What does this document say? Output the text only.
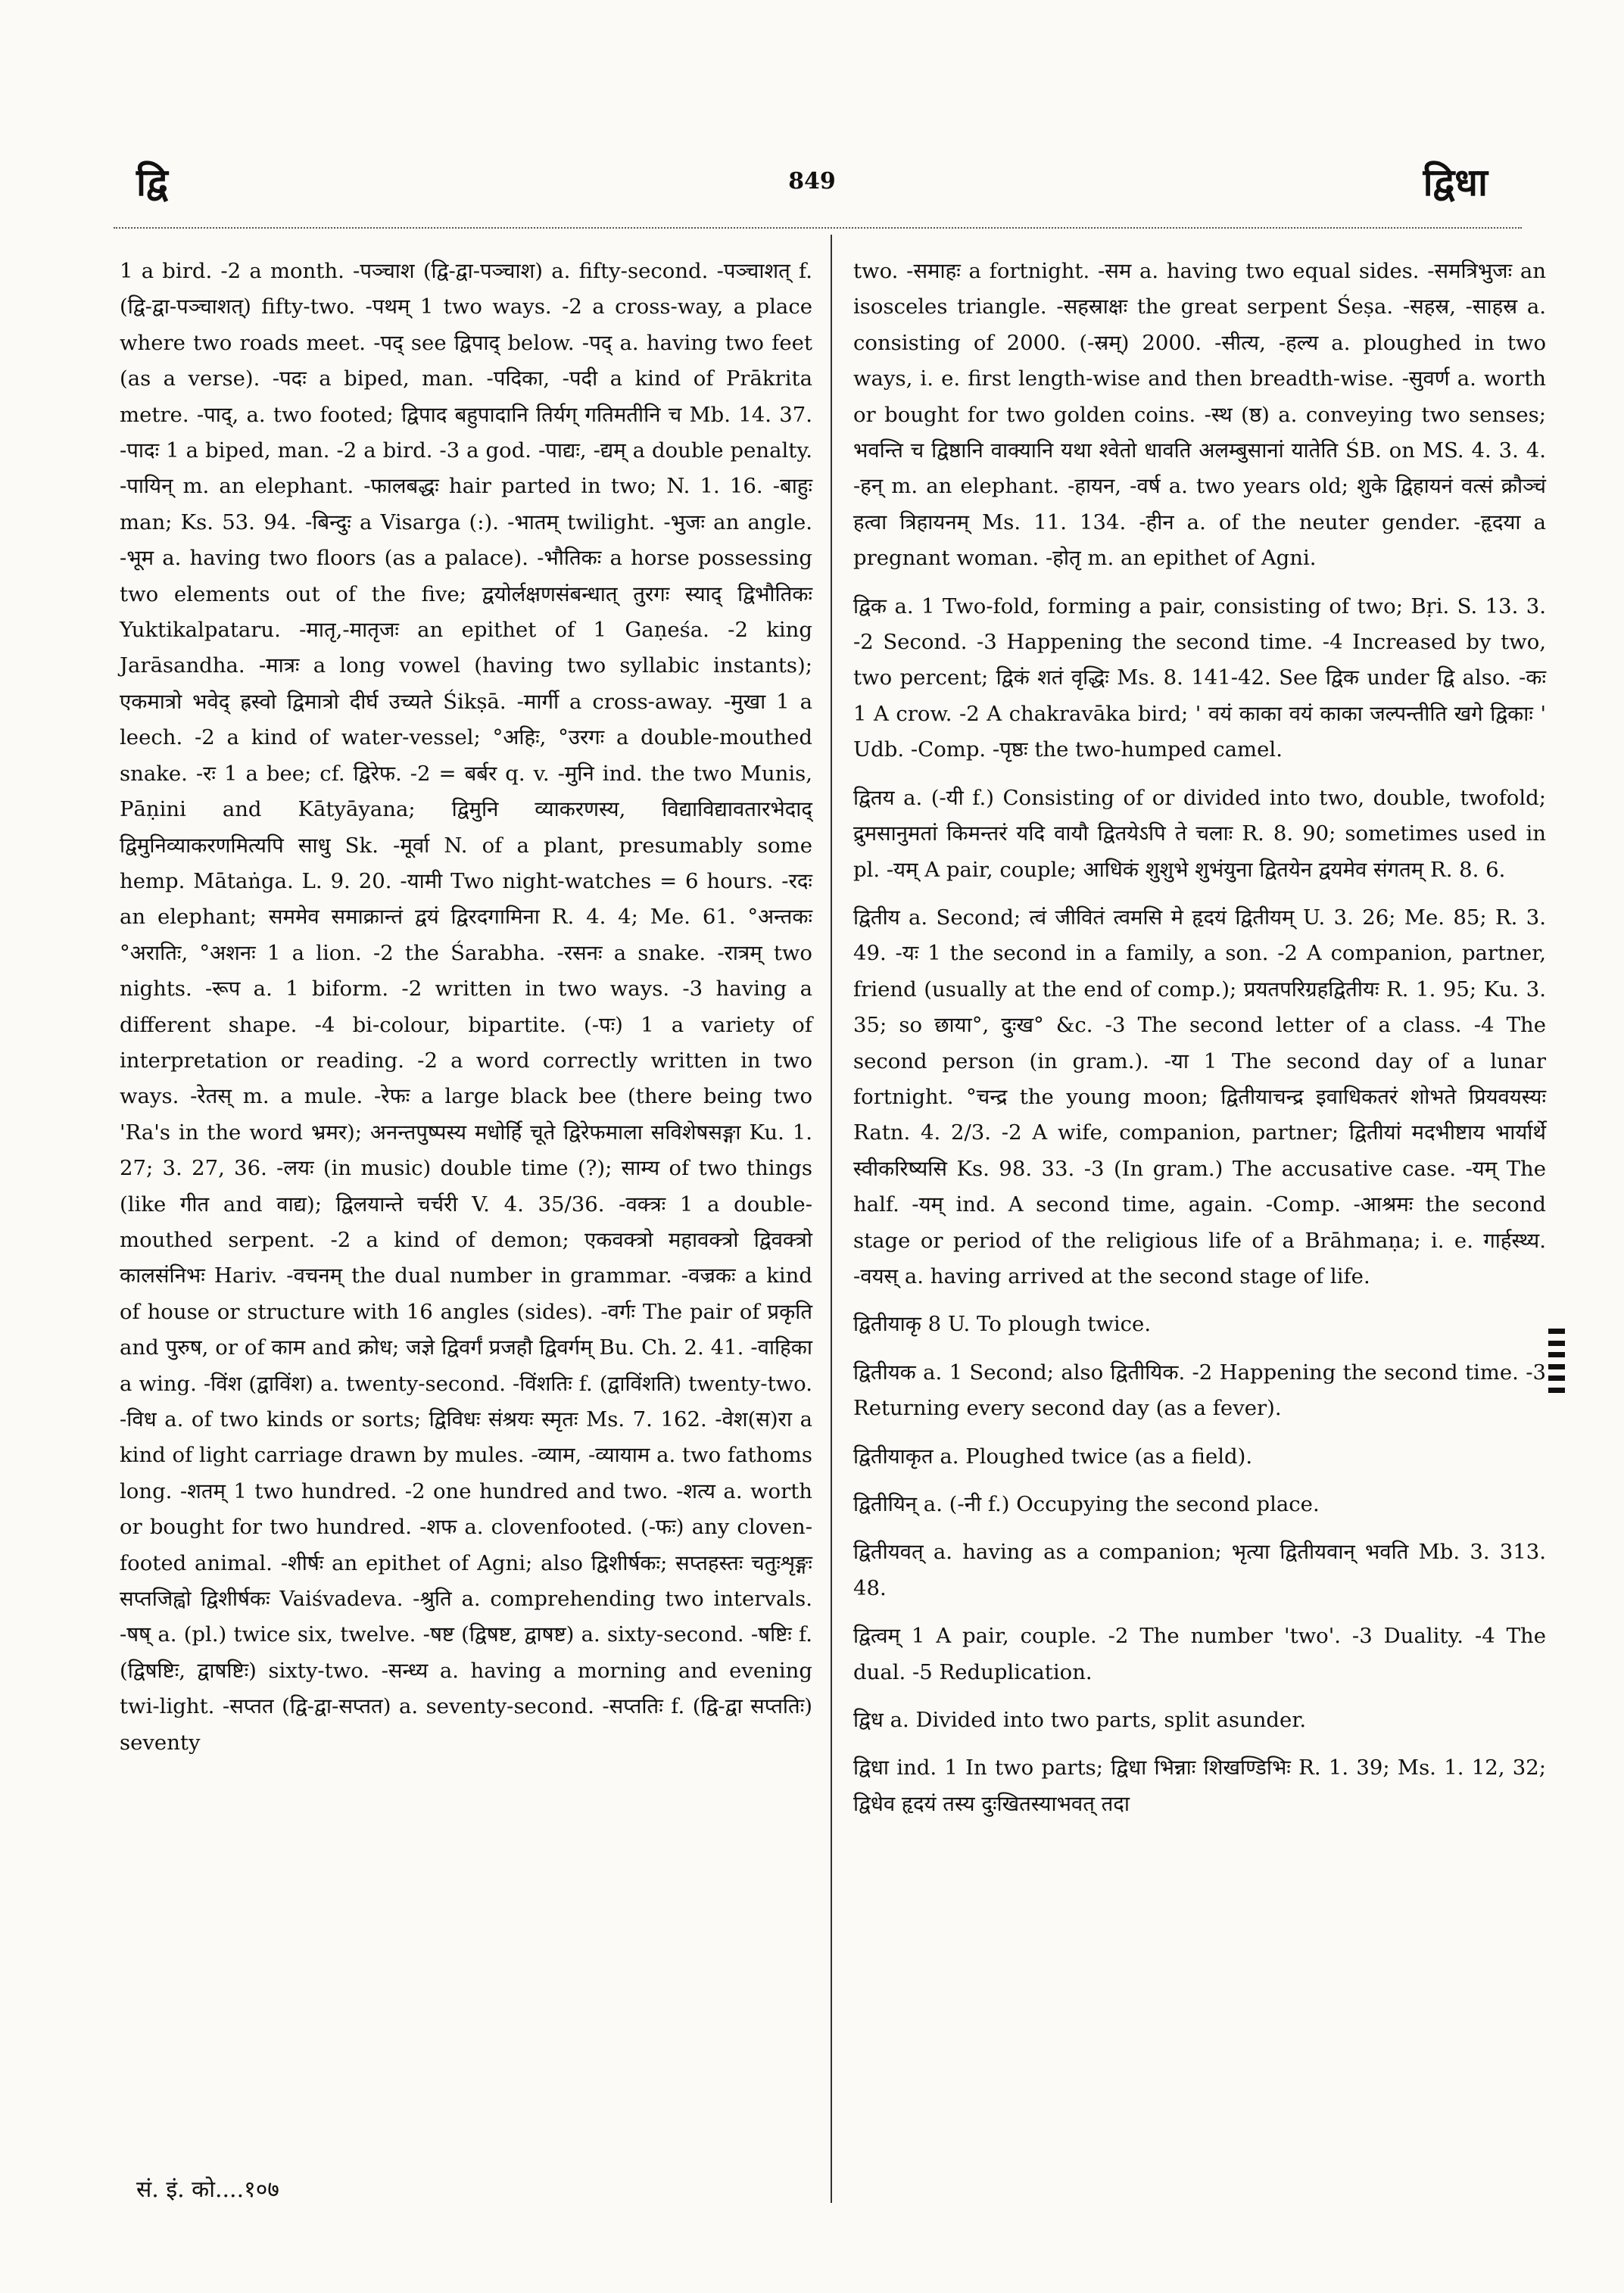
द्वि	849	द्विधा

1 a bird. -2 a month. -पञ्चाश (द्वि-द्वा-पञ्चाश) a. fifty-second. -पञ्चाशत् f. (द्वि-द्वा-पञ्चाशत्) fifty-two. -पथम् 1 two ways. -2 a cross-way, a place where two roads meet. -पद् see द्विपाद् below. -पद् a. having two feet (as a verse). -पदः a biped, man. -पदिका, -पदी a kind of Prākrita metre. -पाद्, a. two footed; द्विपाद बहुपादानि तिर्यग् गतिमतीनि च Mb. 14. 37. -पादः 1 a biped, man. -2 a bird. -3 a god. -पाद्यः, -द्यम् a double penalty. -पायिन् m. an elephant. -फालबद्धः hair parted in two; N. 1. 16. -बाहुः man; Ks. 53. 94. -बिन्दुः a Visarga (:). -भातम् twilight. -भुजः an angle. -भूम a. having two floors (as a palace). -भौतिकः a horse possessing two elements out of the five; द्वयोर्लक्षणसंबन्धात् तुरगः स्याद् द्विभौतिकः Yuktikalpataru. -मातृ,-मातृजः an epithet of 1 Gaṇeśa. -2 king Jarāsandha. -मात्रः a long vowel (having two syllabic instants); एकमात्रो भवेद् ह्रस्वो द्विमात्रो दीर्घ उच्यते Śikṣā. -मार्गी a cross-away. -मुखा 1 a leech. -2 a kind of water-vessel; °अहिः, °उरगः a double-mouthed snake. -रः 1 a bee; cf. द्विरेफ. -2 = बर्बर q. v. -मुनि ind. the two Munis, Pāṇini and Kātyāyana; द्विमुनि व्याकरणस्य, विद्याविद्यावतारभेदाद् द्विमुनिव्याकरणमित्यपि साधु Sk. -मूर्वा N. of a plant, presumably some hemp. Mātaṅga. L. 9. 20. -यामी Two night-watches = 6 hours. -रदः an elephant; सममेव समाक्रान्तं द्वयं द्विरदगामिना R. 4. 4; Me. 61. °अन्तकः °अरातिः, °अशनः 1 a lion. -2 the Śarabha. -रसनः a snake. -रात्रम् two nights. -रूप a. 1 biform. -2 written in two ways. -3 having a different shape. -4 bi-colour, bipartite. (-पः) 1 a variety of interpretation or reading. -2 a word correctly written in two ways. -रेतस् m. a mule. -रेफः a large black bee (there being two 'Ra's in the word भ्रमर); अनन्तपुष्पस्य मधोर्हि चूते द्विरेफमाला सविशेषसङ्गा Ku. 1. 27; 3. 27, 36. -लयः (in music) double time (?); साम्य of two things (like गीत and वाद्य); द्विलयान्ते चर्चरी V. 4. 35/36. -वक्त्रः 1 a double-mouthed serpent. -2 a kind of demon; एकवक्त्रो महावक्त्रो द्विवक्त्रो कालसंनिभः Hariv. -वचनम् the dual number in grammar. -वज्रकः a kind of house or structure with 16 angles (sides). -वर्गः The pair of प्रकृति and पुरुष, or of काम and क्रोध; जज्ञे द्विवर्गं प्रजहौ द्विवर्गम् Bu. Ch. 2. 41. -वाहिका a wing. -विंश (द्वाविंश) a. twenty-second. -विंशतिः f. (द्वाविंशति) twenty-two. -विध a. of two kinds or sorts; द्विविधः संश्रयः स्मृतः Ms. 7. 162. -वेश(स)रा a kind of light carriage drawn by mules. -व्याम, -व्यायाम a. two fathoms long. -शतम् 1 two hundred. -2 one hundred and two. -शत्य a. worth or bought for two hundred. -शफ a. clovenfooted. (-फः) any cloven-footed animal. -शीर्षः an epithet of Agni; also द्विशीर्षकः; सप्तहस्तः चतुःशृङ्गः सप्तजिह्वो द्विशीर्षकः Vaiśvadeva. -श्रुति a. comprehending two intervals. -षष् a. (pl.) twice six, twelve. -षष्ट (द्विषष्ट, द्वाषष्ट) a. sixty-second. -षष्टिः f. (द्विषष्टिः, द्वाषष्टिः) sixty-two. -सन्ध्य a. having a morning and evening twi-light. -सप्तत (द्वि-द्वा-सप्तत) a. seventy-second. -सप्ततिः f. (द्वि-द्वा सप्ततिः) seventy

two. -समाहः a fortnight. -सम a. having two equal sides. -समत्रिभुजः an isosceles triangle. -सहस्राक्षः the great serpent Śeṣa. -सहस्र, -साहस्र a. consisting of 2000. (-स्रम्) 2000. -सीत्य, -हल्य a. ploughed in two ways, i. e. first length-wise and then breadth-wise. -सुवर्ण a. worth or bought for two golden coins. -स्थ (ष्ठ) a. conveying two senses; भवन्ति च द्विष्ठानि वाक्यानि यथा श्वेतो धावति अलम्बुसानां यातेति ŚB. on MS. 4. 3. 4. -हन् m. an elephant. -हायन, -वर्ष a. two years old; शुके द्विहायनं वत्सं क्रौञ्चं हत्वा त्रिहायनम् Ms. 11. 134. -हीन a. of the neuter gender. -हृदया a pregnant woman. -होतृ m. an epithet of Agni.

द्विक a. 1 Two-fold, forming a pair, consisting of two; Bṛi. S. 13. 3. -2 Second. -3 Happening the second time. -4 Increased by two, two percent; द्विकं शतं वृद्धिः Ms. 8. 141-42. See द्विक under द्वि also. -कः 1 A crow. -2 A chakravāka bird; ' वयं काका वयं काका जल्पन्तीति खगे द्विकाः ' Udb. -Comp. -पृष्ठः the two-humped camel.

द्वितय a. (-यी f.) Consisting of or divided into two, double, twofold; द्रुमसानुमतां किमन्तरं यदि वायौ द्वितयेऽपि ते चलाः R. 8. 90; sometimes used in pl. -यम् A pair, couple; आधिकं शुशुभे शुभंयुना द्वितयेन द्वयमेव संगतम् R. 8. 6.

द्वितीय a. Second; त्वं जीवितं त्वमसि मे हृदयं द्वितीयम् U. 3. 26; Me. 85; R. 3. 49. -यः 1 the second in a family, a son. -2 A companion, partner, friend (usually at the end of comp.); प्रयतपरिग्रहद्वितीयः R. 1. 95; Ku. 3. 35; so छाया°, दुःख° &c. -3 The second letter of a class. -4 The second person (in gram.). -या 1 The second day of a lunar fortnight. °चन्द्र the young moon; द्वितीयाचन्द्र इवाधिकतरं शोभते प्रियवयस्यः Ratn. 4. 2/3. -2 A wife, companion, partner; द्वितीयां मदभीष्टाय भार्यार्थे स्वीकरिष्यसि Ks. 98. 33. -3 (In gram.) The accusative case. -यम् The half. -यम् ind. A second time, again. -Comp. -आश्रमः the second stage or period of the religious life of a Brāhmaṇa; i. e. गार्हस्थ्य. -वयस् a. having arrived at the second stage of life.

द्वितीयाकृ 8 U. To plough twice.

द्वितीयक a. 1 Second; also द्वितीयिक. -2 Happening the second time. -3 Returning every second day (as a fever).

द्वितीयाकृत a. Ploughed twice (as a field).

द्वितीयिन् a. (-नी f.) Occupying the second place.

द्वितीयवत् a. having as a companion; भृत्या द्वितीयवान् भवति Mb. 3. 313. 48.

द्वित्वम् 1 A pair, couple. -2 The number 'two'. -3 Duality. -4 The dual. -5 Reduplication.

द्विध a. Divided into two parts, split asunder.

द्विधा ind. 1 In two parts; द्विधा भिन्नाः शिखण्डिभिः R. 1. 39; Ms. 1. 12, 32; द्विधेव हृदयं तस्य दुःखितस्याभवत् तदा

सं. इं. को....१०७
